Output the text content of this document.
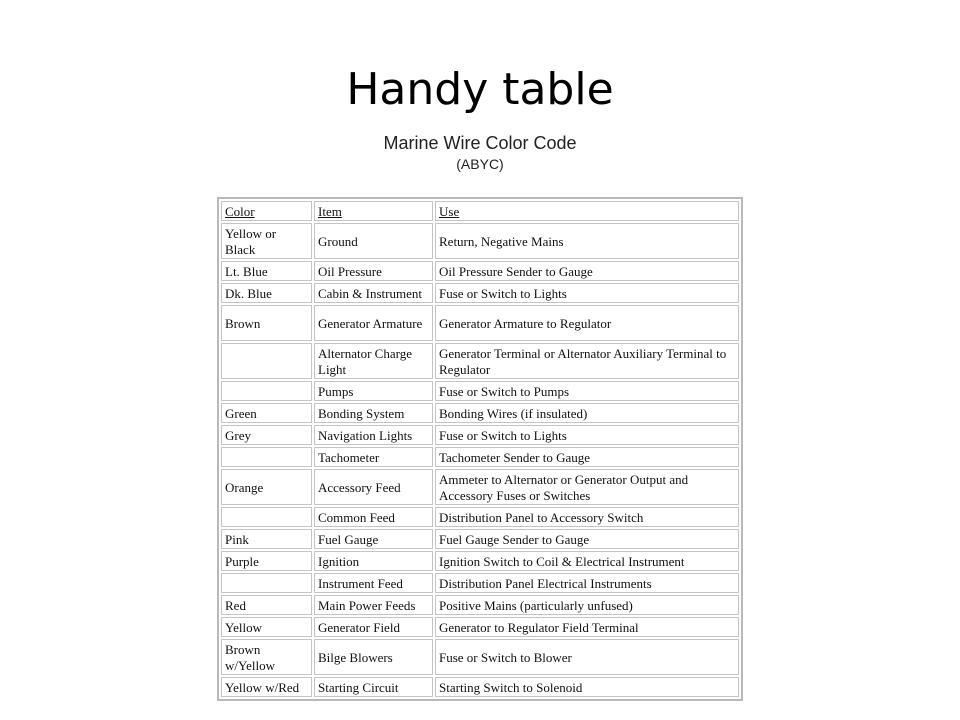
Handy table
Marine Wire Color Code
(ABYC)
Color	Item	Use
Yellow or Black	Ground	Return, Negative Mains
Lt. Blue	Oil Pressure	Oil Pressure Sender to Gauge
Dk. Blue	Cabin & Instrument	Fuse or Switch to Lights
Brown	Generator Armature	Generator Armature to Regulator
	Alternator Charge Light	Generator Terminal or Alternator Auxiliary Terminal to Regulator
	Pumps	Fuse or Switch to Pumps
Green	Bonding System	Bonding Wires (if insulated)
Grey	Navigation Lights	Fuse or Switch to Lights
	Tachometer	Tachometer Sender to Gauge
Orange	Accessory Feed	Ammeter to Alternator or Generator Output and Accessory Fuses or Switches
	Common Feed	Distribution Panel to Accessory Switch
Pink	Fuel Gauge	Fuel Gauge Sender to Gauge
Purple	Ignition	Ignition Switch to Coil & Electrical Instrument
	Instrument Feed	Distribution Panel Electrical Instruments
Red	Main Power Feeds	Positive Mains (particularly unfused)
Yellow	Generator Field	Generator to Regulator Field Terminal
Brown w/Yellow	Bilge Blowers	Fuse or Switch to Blower
Yellow w/Red	Starting Circuit	Starting Switch to Solenoid
